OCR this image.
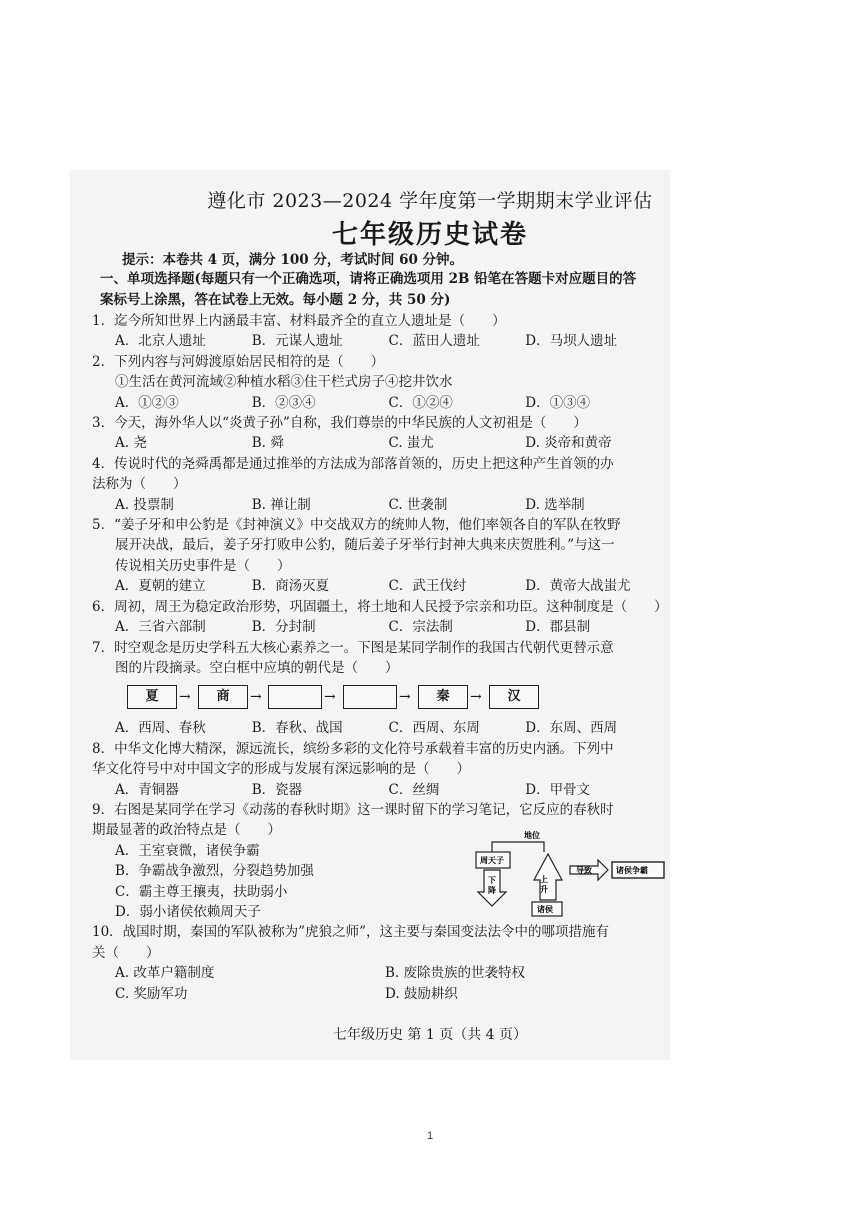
遵化市 2023—2024 学年度第一学期期末学业评估
七年级历史试卷
提示：本卷共 4 页，满分 100 分，考试时间 60 分钟。
一、单项选择题(每题只有一个正确选项，请将正确选项用 2B 铅笔在答题卡对应题目的答
案标号上涂黑，答在试卷上无效。每小题 2 分，共 50 分)
1．迄今所知世界上内涵最丰富、材料最齐全的直立人遗址是（　　）
A．北京人遗址	B．元谋人遗址	C．蓝田人遗址	D．马坝人遗址
2．下列内容与河姆渡原始居民相符的是（　　）
①生活在黄河流域②种植水稻③住干栏式房子④挖井饮水
A．①②③	B．②③④	C．①②④	D．①③④
3．今天，海外华人以“炎黄子孙”自称，我们尊崇的中华民族的人文初祖是（　　）
A. 尧	B. 舜	C. 蚩尤	D. 炎帝和黄帝
4．传说时代的尧舜禹都是通过推举的方法成为部落首领的，历史上把这种产生首领的办
法称为（　　）
A. 投票制	B. 禅让制	C. 世袭制	D. 选举制
5．“姜子牙和申公豹是《封神演义》中交战双方的统帅人物，他们率领各自的军队在牧野
展开决战，最后，姜子牙打败申公豹，随后姜子牙举行封神大典来庆贺胜利。”与这一
传说相关历史事件是（　　）
A．夏朝的建立	B．商汤灭夏	C．武王伐纣	D．黄帝大战蚩尤
6．周初，周王为稳定政治形势，巩固疆土，将土地和人民授予宗亲和功臣。这种制度是（　　）
A．三省六部制	B．分封制	C．宗法制	D．郡县制
7．时空观念是历史学科五大核心素养之一。下图是某同学制作的我国古代朝代更替示意
图的片段摘录。空白框中应填的朝代是（　　）
夏	→	商	→	→	→	秦	→	汉
A．西周、春秋	B．春秋、战国	C．西周、东周	D．东周、西周
8．中华文化博大精深，源远流长，缤纷多彩的文化符号承载着丰富的历史内涵。下列中
华文化符号中对中国文字的形成与发展有深远影响的是（　　）
A．青铜器	B．瓷器	C．丝绸	D．甲骨文
9．右图是某同学在学习《动荡的春秋时期》这一课时留下的学习笔记，它反应的春秋时
期最显著的政治特点是（　　）
A．王室衰微，诸侯争霸
B．争霸战争激烈，分裂趋势加强
C．霸主尊王攘夷，扶助弱小
D．弱小诸侯依赖周天子
地位
周天子
下降
上升
诸侯
导致	诸侯争霸
10．战国时期，秦国的军队被称为”虎狼之师”，这主要与秦国变法法令中的哪项措施有
关（　　）
A. 改革户籍制度	B. 废除贵族的世袭特权
C. 奖励军功	D. 鼓励耕织
七年级历史 第 1 页（共 4 页）
1
